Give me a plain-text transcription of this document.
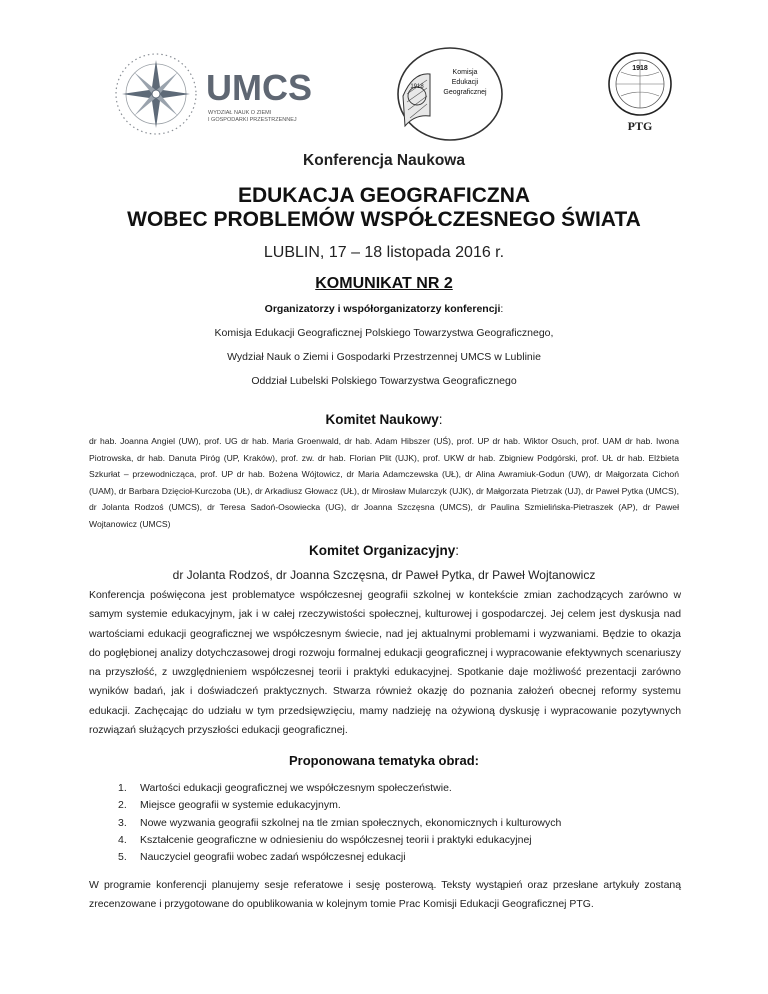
UMCS
WYDZIAŁ NAUK O ZIEMI
I GOSPODARKI PRZESTRZENNEJ
1918
Komisja
Edukacji
Geograficznej
1918
PTG
Konferencja Naukowa
EDUKACJA GEOGRAFICZNA
WOBEC PROBLEMÓW WSPÓŁCZESNEGO ŚWIATA
LUBLIN, 17 – 18 listopada 2016 r.
KOMUNIKAT NR 2
Organizatorzy i współorganizatorzy konferencji:
Komisja Edukacji Geograficznej Polskiego Towarzystwa Geograficznego,
Wydział Nauk o Ziemi i Gospodarki Przestrzennej UMCS w Lublinie
Oddział Lubelski Polskiego Towarzystwa Geograficznego
Komitet Naukowy:
dr hab. Joanna Angiel (UW), prof. UG dr hab. Maria Groenwald, dr hab. Adam Hibszer (UŚ), prof. UP dr hab. Wiktor Osuch, prof. UAM dr hab. Iwona Piotrowska, dr hab. Danuta Piróg (UP, Kraków), prof. zw. dr hab. Florian Plit (UJK), prof. UKW dr hab. Zbigniew Podgórski, prof. UŁ dr hab. Elżbieta Szkurłat – przewodnicząca, prof. UP dr hab. Bożena Wójtowicz, dr Maria Adamczewska (UŁ), dr Alina Awramiuk-Godun (UW), dr Małgorzata Cichoń (UAM), dr Barbara Dzięcioł-Kurczoba (UŁ), dr Arkadiusz Głowacz (UŁ), dr Mirosław Mularczyk (UJK), dr Małgorzata Pietrzak (UJ), dr Paweł Pytka (UMCS), dr Jolanta Rodzoś (UMCS), dr Teresa Sadoń-Osowiecka (UG), dr Joanna Szczęsna (UMCS), dr Paulina Szmielińska-Pietraszek (AP), dr Paweł Wojtanowicz (UMCS)
Komitet Organizacyjny:
dr Jolanta Rodzoś, dr Joanna Szczęsna, dr Paweł Pytka, dr Paweł Wojtanowicz
Konferencja poświęcona jest problematyce współczesnej geografii szkolnej w kontekście zmian zachodzących zarówno w samym systemie edukacyjnym, jak i w całej rzeczywistości społecznej, kulturowej i gospodarczej. Jej celem jest dyskusja nad wartościami edukacji geograficznej we współczesnym świecie, nad jej aktualnymi problemami i wyzwaniami. Będzie to okazja do pogłębionej analizy dotychczasowej drogi rozwoju formalnej edukacji geograficznej i wypracowanie efektywnych scenariuszy na przyszłość, z uwzględnieniem współczesnej teorii i praktyki edukacyjnej. Spotkanie daje możliwość prezentacji zarówno wyników badań, jak i doświadczeń praktycznych. Stwarza również okazję do poznania założeń obecnej reformy systemu edukacji. Zachęcając do udziału w tym przedsięwzięciu, mamy nadzieję na ożywioną dyskusję i wypracowanie pozytywnych rozwiązań służących przyszłości edukacji geograficznej.
Proponowana tematyka obrad:
1. Wartości edukacji geograficznej we współczesnym społeczeństwie.
2. Miejsce geografii w systemie edukacyjnym.
3. Nowe wyzwania geografii szkolnej na tle zmian społecznych, ekonomicznych i kulturowych
4. Kształcenie geograficzne w odniesieniu do współczesnej teorii i praktyki edukacyjnej
5. Nauczyciel geografii wobec zadań współczesnej edukacji
W programie konferencji planujemy sesje referatowe i sesję posterową. Teksty wystąpień oraz przesłane artykuły zostaną zrecenzowane i przygotowane do opublikowania w kolejnym tomie Prac Komisji Edukacji Geograficznej PTG.
